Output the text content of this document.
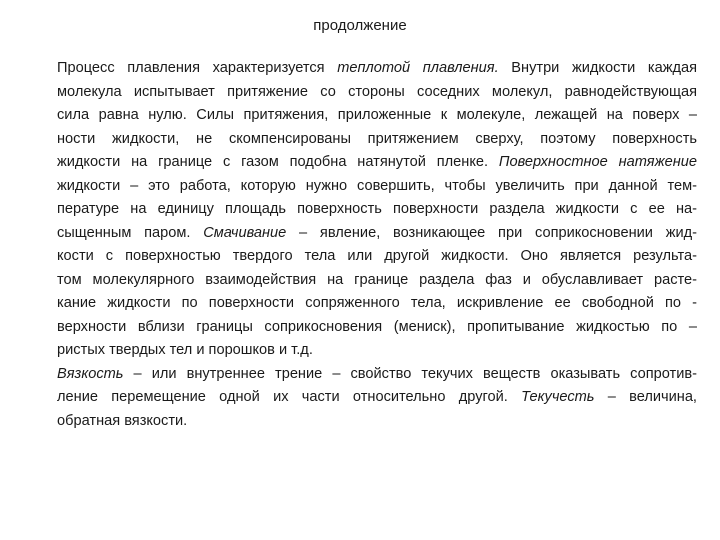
продолжение
Процесс плавления характеризуется теплотой плавления. Внутри жидкости каждая
молекула испытывает притяжение со стороны соседних молекул, равнодействующая
сила равна нулю. Силы притяжения, приложенные к молекуле, лежащей на поверх –
ности жидкости, не скомпенсированы притяжением сверху, поэтому поверхность
жидкости на границе с газом подобна натянутой пленке. Поверхностное натяжение
жидкости – это работа, которую нужно совершить, чтобы увеличить при данной тем-
пературе на единицу площадь поверхность поверхности раздела жидкости с ее на-
сыщенным паром. Смачивание – явление, возникающее при соприкосновении жид-
кости с поверхностью твердого тела или другой жидкости. Оно является результа-
том молекулярного взаимодействия на границе раздела фаз и обуславливает расте-
кание жидкости по поверхности сопряженного тела, искривление ее свободной по -
верхности вблизи границы соприкосновения (мениск), пропитывание жидкостью по –
ристых твердых тел и порошков и т.д.
Вязкость – или внутреннее трение – свойство текучих веществ оказывать сопротив-
ление перемещение одной их части относительно другой. Текучесть – величина,
обратная вязкости.
